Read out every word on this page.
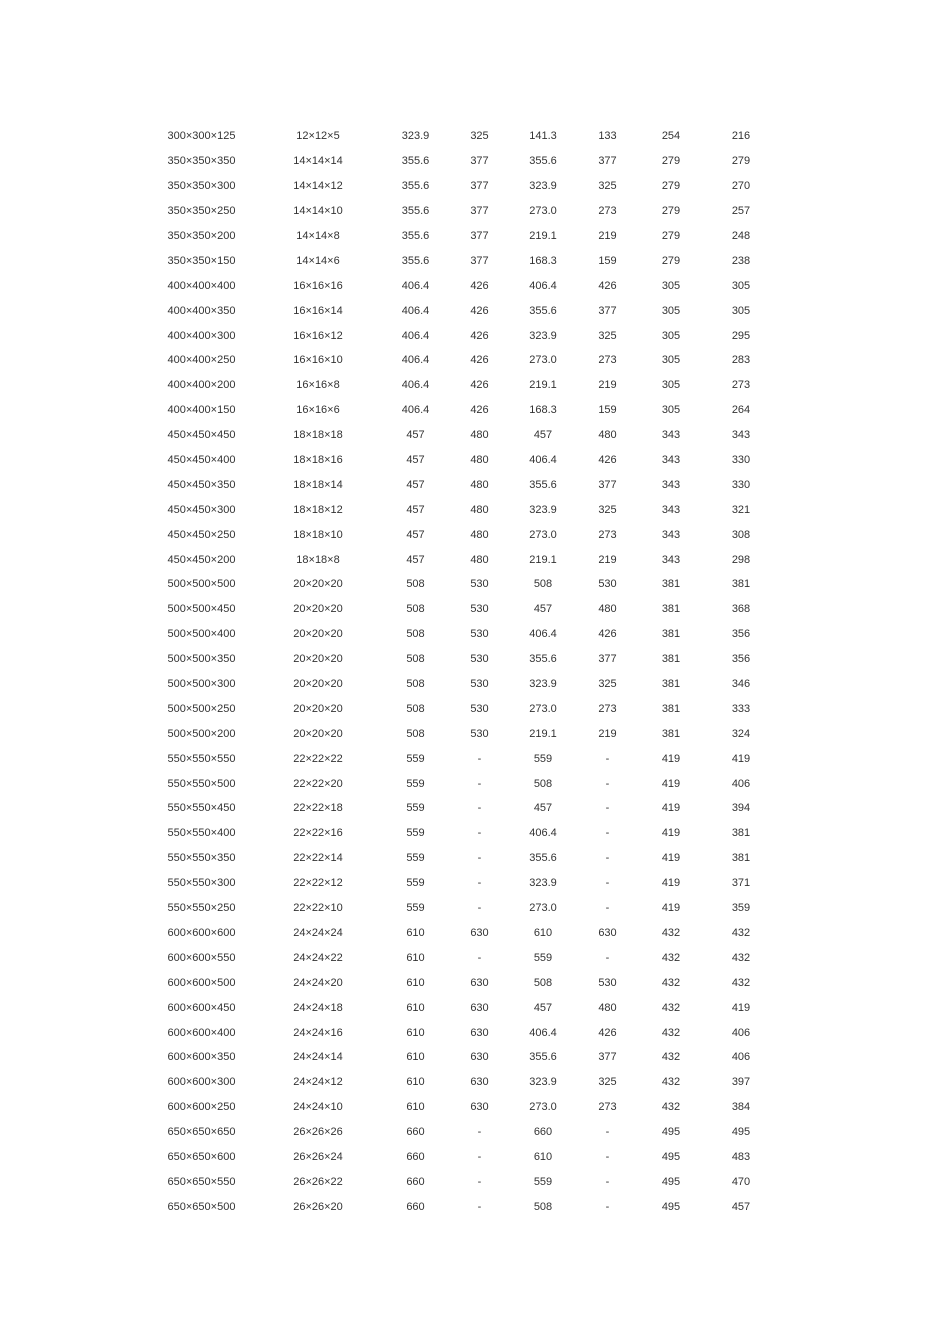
300×300×125	12×12×5	323.9	325	141.3	133	254	216
350×350×350	14×14×14	355.6	377	355.6	377	279	279
350×350×300	14×14×12	355.6	377	323.9	325	279	270
350×350×250	14×14×10	355.6	377	273.0	273	279	257
350×350×200	14×14×8	355.6	377	219.1	219	279	248
350×350×150	14×14×6	355.6	377	168.3	159	279	238
400×400×400	16×16×16	406.4	426	406.4	426	305	305
400×400×350	16×16×14	406.4	426	355.6	377	305	305
400×400×300	16×16×12	406.4	426	323.9	325	305	295
400×400×250	16×16×10	406.4	426	273.0	273	305	283
400×400×200	16×16×8	406.4	426	219.1	219	305	273
400×400×150	16×16×6	406.4	426	168.3	159	305	264
450×450×450	18×18×18	457	480	457	480	343	343
450×450×400	18×18×16	457	480	406.4	426	343	330
450×450×350	18×18×14	457	480	355.6	377	343	330
450×450×300	18×18×12	457	480	323.9	325	343	321
450×450×250	18×18×10	457	480	273.0	273	343	308
450×450×200	18×18×8	457	480	219.1	219	343	298
500×500×500	20×20×20	508	530	508	530	381	381
500×500×450	20×20×20	508	530	457	480	381	368
500×500×400	20×20×20	508	530	406.4	426	381	356
500×500×350	20×20×20	508	530	355.6	377	381	356
500×500×300	20×20×20	508	530	323.9	325	381	346
500×500×250	20×20×20	508	530	273.0	273	381	333
500×500×200	20×20×20	508	530	219.1	219	381	324
550×550×550	22×22×22	559	-	559	-	419	419
550×550×500	22×22×20	559	-	508	-	419	406
550×550×450	22×22×18	559	-	457	-	419	394
550×550×400	22×22×16	559	-	406.4	-	419	381
550×550×350	22×22×14	559	-	355.6	-	419	381
550×550×300	22×22×12	559	-	323.9	-	419	371
550×550×250	22×22×10	559	-	273.0	-	419	359
600×600×600	24×24×24	610	630	610	630	432	432
600×600×550	24×24×22	610	-	559	-	432	432
600×600×500	24×24×20	610	630	508	530	432	432
600×600×450	24×24×18	610	630	457	480	432	419
600×600×400	24×24×16	610	630	406.4	426	432	406
600×600×350	24×24×14	610	630	355.6	377	432	406
600×600×300	24×24×12	610	630	323.9	325	432	397
600×600×250	24×24×10	610	630	273.0	273	432	384
650×650×650	26×26×26	660	-	660	-	495	495
650×650×600	26×26×24	660	-	610	-	495	483
650×650×550	26×26×22	660	-	559	-	495	470
650×650×500	26×26×20	660	-	508	-	495	457
